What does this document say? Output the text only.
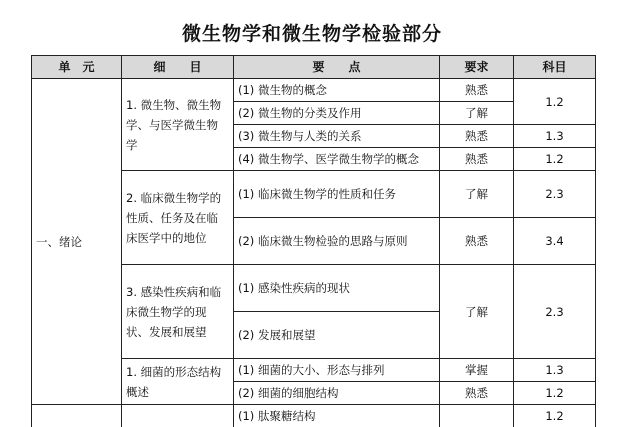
微生物学和微生物学检验部分
单　元	细　　目	要　　点	要求	科目
一、绪论	1. 微生物、微生物学、与医学微生物学	(1) 微生物的概念	熟悉	1.2
		(2) 微生物的分类及作用	了解	
		(3) 微生物与人类的关系	熟悉	1.3
		(4) 微生物学、医学微生物学的概念	熟悉	1.2
	2. 临床微生物学的性质、任务及在临床医学中的地位	(1) 临床微生物学的性质和任务	了解	2.3
		(2) 临床微生物检验的思路与原则	熟悉	3.4
	3. 感染性疾病和临床微生物学的现状、发展和展望	(1) 感染性疾病的现状	了解	2.3
		(2) 发展和展望		
	1. 细菌的形态结构概述	(1) 细菌的大小、形态与排列	掌握	1.3
		(2) 细菌的细胞结构	熟悉	1.2
		(1) 肽聚糖结构		1.2
